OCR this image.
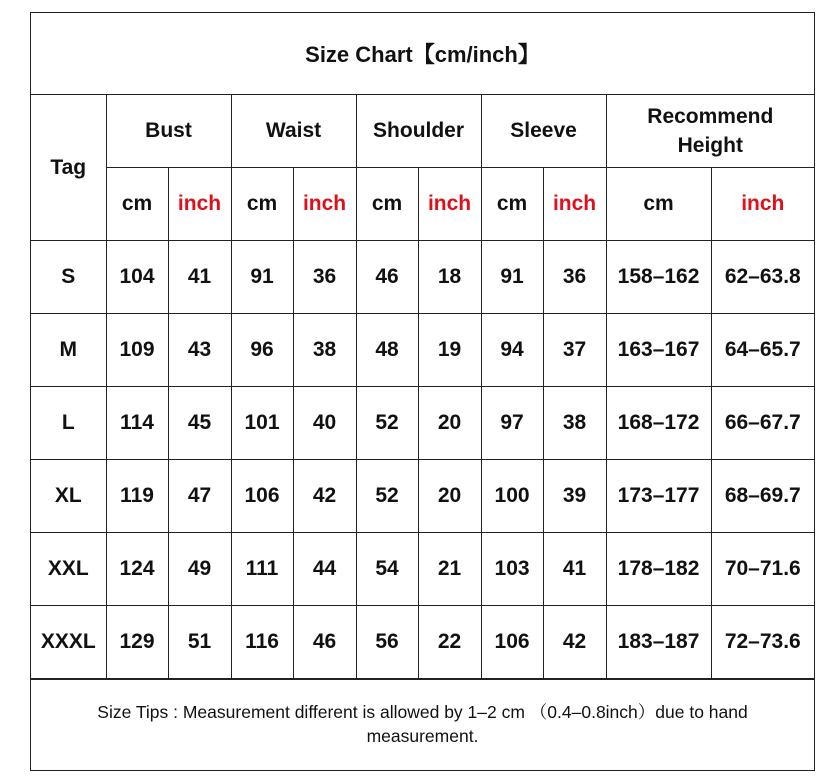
Size Chart【cm/inch】
Tag	Bust		Waist		Shoulder		Sleeve		Recommend Height	
	cm	inch	cm	inch	cm	inch	cm	inch	cm	inch
S	104	41	91	36	46	18	91	36	158–162	62–63.8
M	109	43	96	38	48	19	94	37	163–167	64–65.7
L	114	45	101	40	52	20	97	38	168–172	66–67.7
XL	119	47	106	42	52	20	100	39	173–177	68–69.7
XXL	124	49	111	44	54	21	103	41	178–182	70–71.6
XXXL	129	51	116	46	56	22	106	42	183–187	72–73.6
Size Tips : Measurement different is allowed by 1–2 cm （0.4–0.8inch）due to hand measurement.
